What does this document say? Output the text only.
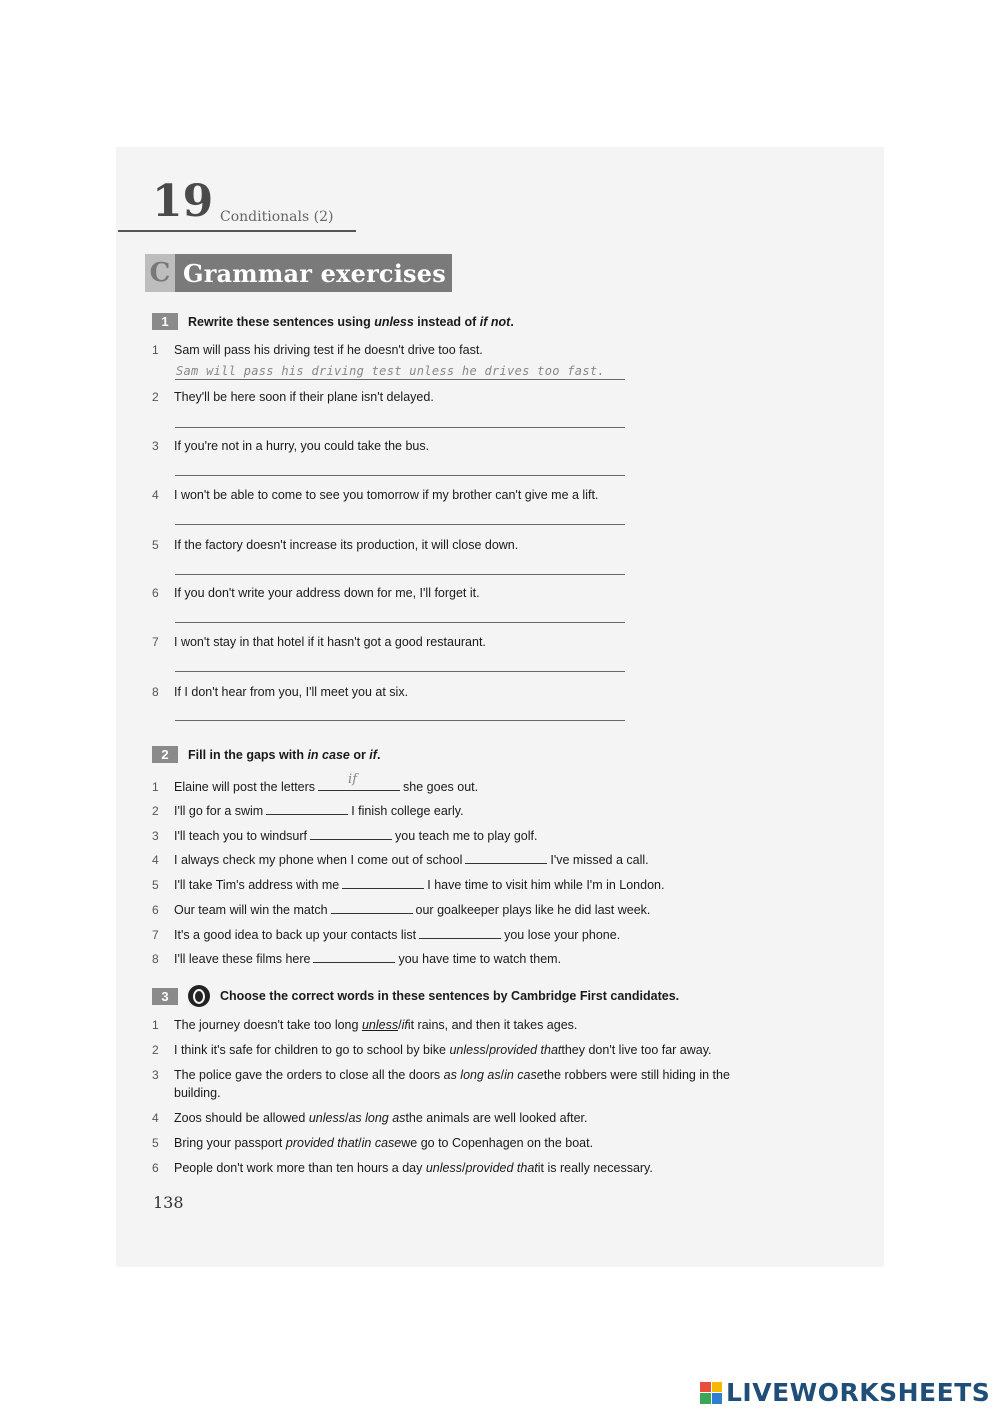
19 Conditionals (2)
C Grammar exercises
1	Rewrite these sentences using unless instead of if not.
1	Sam will pass his driving test if he doesn't drive too fast.
Sam will pass his driving test unless he drives too fast.
2	They'll be here soon if their plane isn't delayed.
3	If you're not in a hurry, you could take the bus.
4	I won't be able to come to see you tomorrow if my brother can't give me a lift.
5	If the factory doesn't increase its production, it will close down.
6	If you don't write your address down for me, I'll forget it.
7	I won't stay in that hotel if it hasn't got a good restaurant.
8	If I don't hear from you, I'll meet you at six.
2	Fill in the gaps with in case or if.
1	Elaine will post the letters	if	she goes out.
2	I'll go for a swim	I finish college early.
3	I'll teach you to windsurf	you teach me to play golf.
4	I always check my phone when I come out of school	I've missed a call.
5	I'll take Tim's address with me	I have time to visit him while I'm in London.
6	Our team will win the match	our goalkeeper plays like he did last week.
7	It's a good idea to back up your contacts list	you lose your phone.
8	I'll leave these films here	you have time to watch them.
3	Choose the correct words in these sentences by Cambridge First candidates.
1	The journey doesn't take too long
unless / if it rains, and then it takes ages.
2	I think it's safe for children to go to school by bike
unless / provided that they don't live too far away.
3	The police gave the orders to close all the doors
as long as / in case the robbers were still hiding in the
building.
4	Zoos should be allowed
unless / as long as the animals are well looked after.
5	Bring your passport
provided that / in case we go to Copenhagen on the boat.
6	People don't work more than ten hours a day
unless / provided that it is really necessary.
138
LIVEWORKSHEETS
